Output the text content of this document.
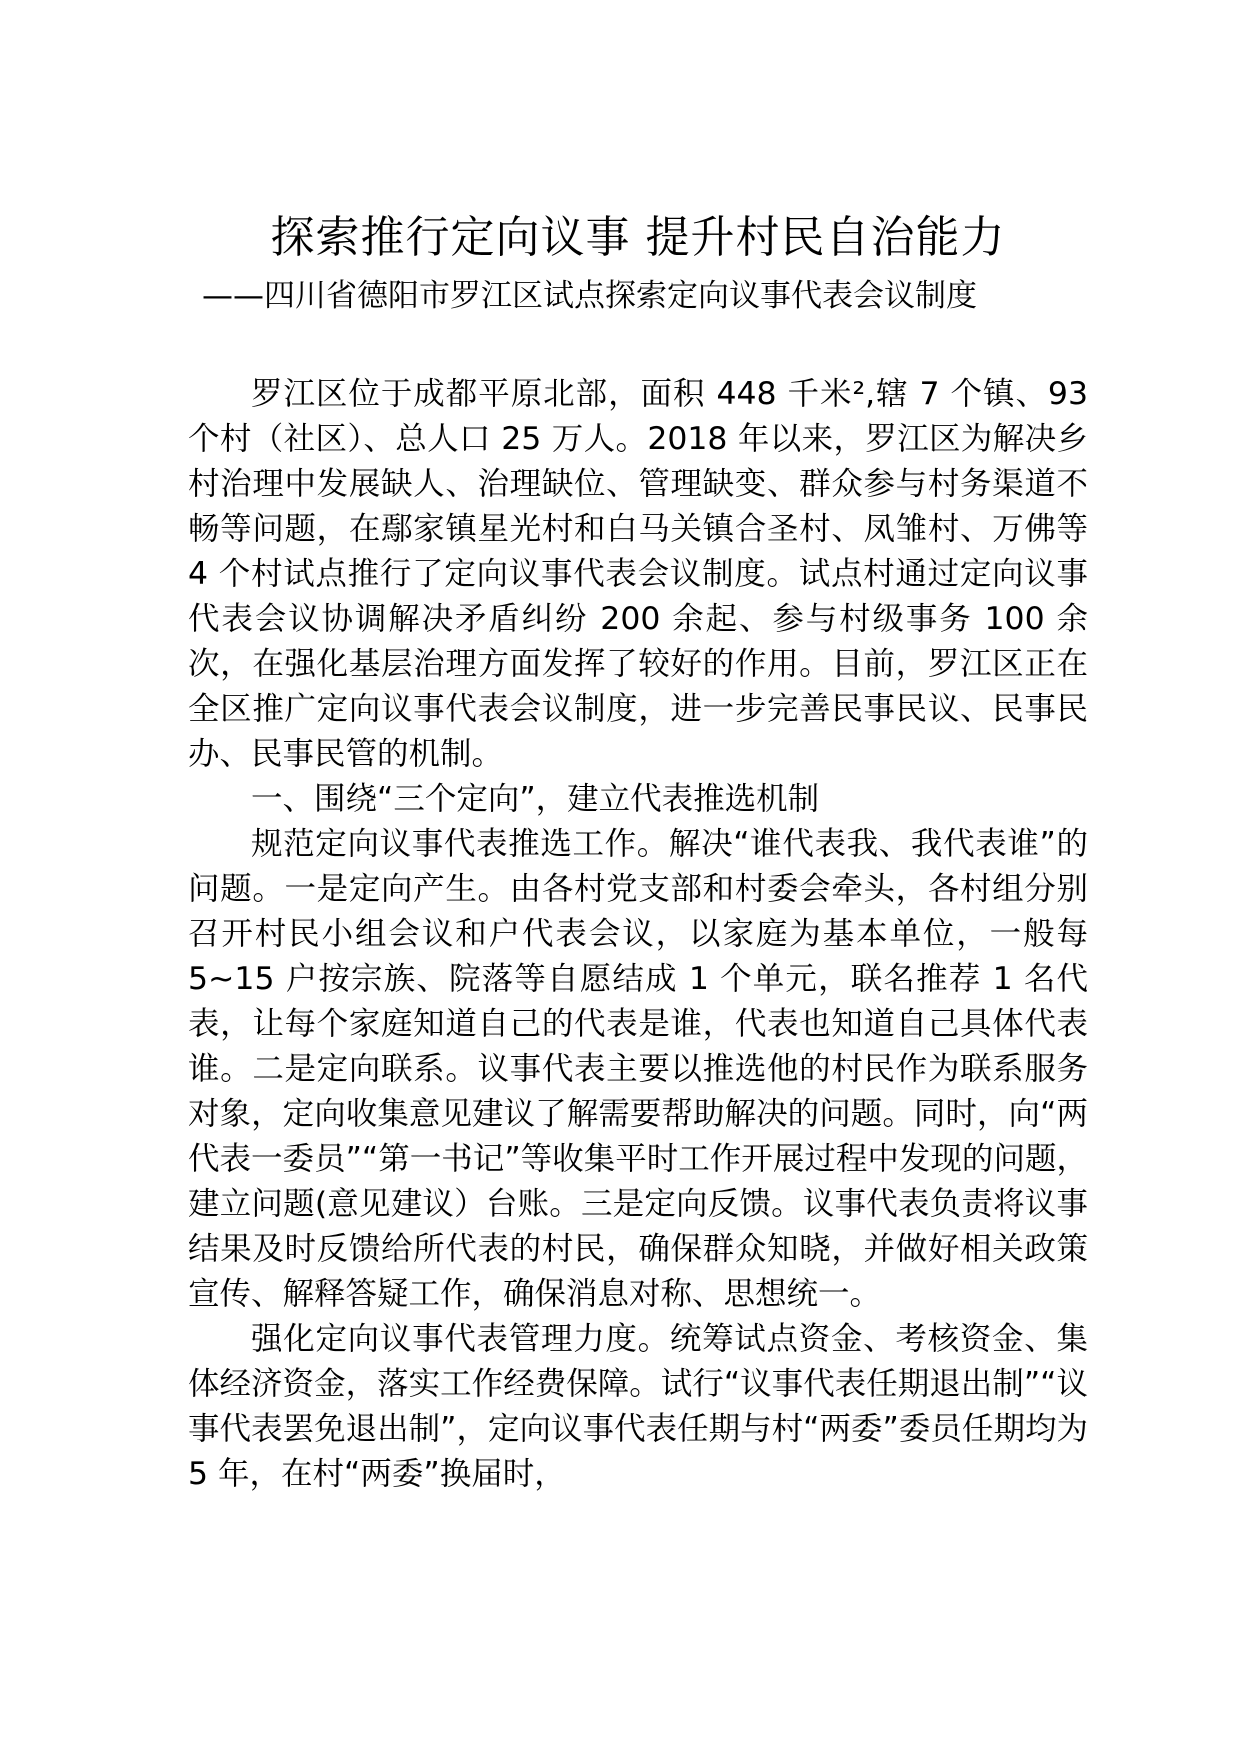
探索推行定向议事 提升村民自治能力
——四川省德阳市罗江区试点探索定向议事代表会议制度

罗江区位于成都平原北部，面积 448 千米²,辖 7 个镇、93 个村（社区）、总人口 25 万人。2018 年以来，罗江区为解决乡村治理中发展缺人、治理缺位、管理缺变、群众参与村务渠道不畅等问题，在鄢家镇星光村和白马关镇合圣村、凤雏村、万佛等 4 个村试点推行了定向议事代表会议制度。试点村通过定向议事代表会议协调解决矛盾纠纷 200 余起、参与村级事务 100 余次，在强化基层治理方面发挥了较好的作用。目前，罗江区正在全区推广定向议事代表会议制度，进一步完善民事民议、民事民办、民事民管的机制。

一、围绕“三个定向”，建立代表推选机制

规范定向议事代表推选工作。解决“谁代表我、我代表谁”的问题。一是定向产生。由各村党支部和村委会牵头，各村组分别召开村民小组会议和户代表会议，以家庭为基本单位，一般每 5~15 户按宗族、院落等自愿结成 1 个单元，联名推荐 1 名代表，让每个家庭知道自己的代表是谁，代表也知道自己具体代表谁。二是定向联系。议事代表主要以推选他的村民作为联系服务对象，定向收集意见建议了解需要帮助解决的问题。同时，向“两代表一委员”“第一书记”等收集平时工作开展过程中发现的问题，建立问题(意见建议）台账。三是定向反馈。议事代表负责将议事结果及时反馈给所代表的村民，确保群众知晓，并做好相关政策宣传、解释答疑工作，确保消息对称、思想统一。

强化定向议事代表管理力度。统筹试点资金、考核资金、集体经济资金，落实工作经费保障。试行“议事代表任期退出制”“议事代表罢免退出制”，定向议事代表任期与村“两委”委员任期均为 5 年，在村“两委”换届时，
